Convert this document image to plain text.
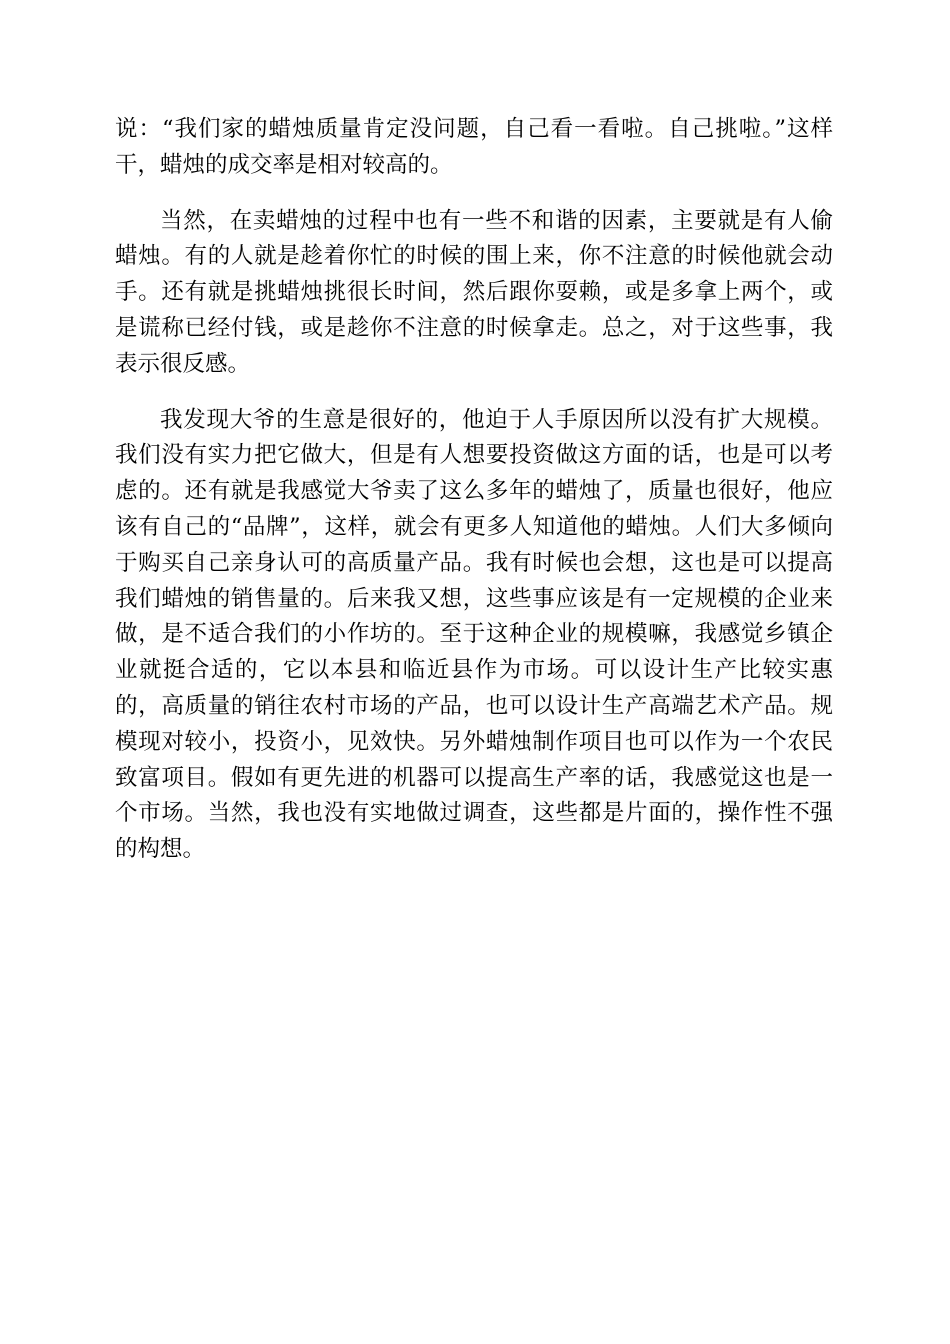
说：“我们家的蜡烛质量肯定没问题，自己看一看啦。自己挑啦。”这样干，蜡烛的成交率是相对较高的。

当然，在卖蜡烛的过程中也有一些不和谐的因素，主要就是有人偷蜡烛。有的人就是趁着你忙的时候的围上来，你不注意的时候他就会动手。还有就是挑蜡烛挑很长时间，然后跟你耍赖，或是多拿上两个，或是谎称已经付钱，或是趁你不注意的时候拿走。总之，对于这些事，我表示很反感。

我发现大爷的生意是很好的，他迫于人手原因所以没有扩大规模。我们没有实力把它做大，但是有人想要投资做这方面的话，也是可以考虑的。还有就是我感觉大爷卖了这么多年的蜡烛了，质量也很好，他应该有自己的“品牌”，这样，就会有更多人知道他的蜡烛。人们大多倾向于购买自己亲身认可的高质量产品。我有时候也会想，这也是可以提高我们蜡烛的销售量的。后来我又想，这些事应该是有一定规模的企业来做，是不适合我们的小作坊的。至于这种企业的规模嘛，我感觉乡镇企业就挺合适的，它以本县和临近县作为市场。可以设计生产比较实惠的，高质量的销往农村市场的产品，也可以设计生产高端艺术产品。规模现对较小，投资小，见效快。另外蜡烛制作项目也可以作为一个农民致富项目。假如有更先进的机器可以提高生产率的话，我感觉这也是一个市场。当然，我也没有实地做过调查，这些都是片面的，操作性不强的构想。
